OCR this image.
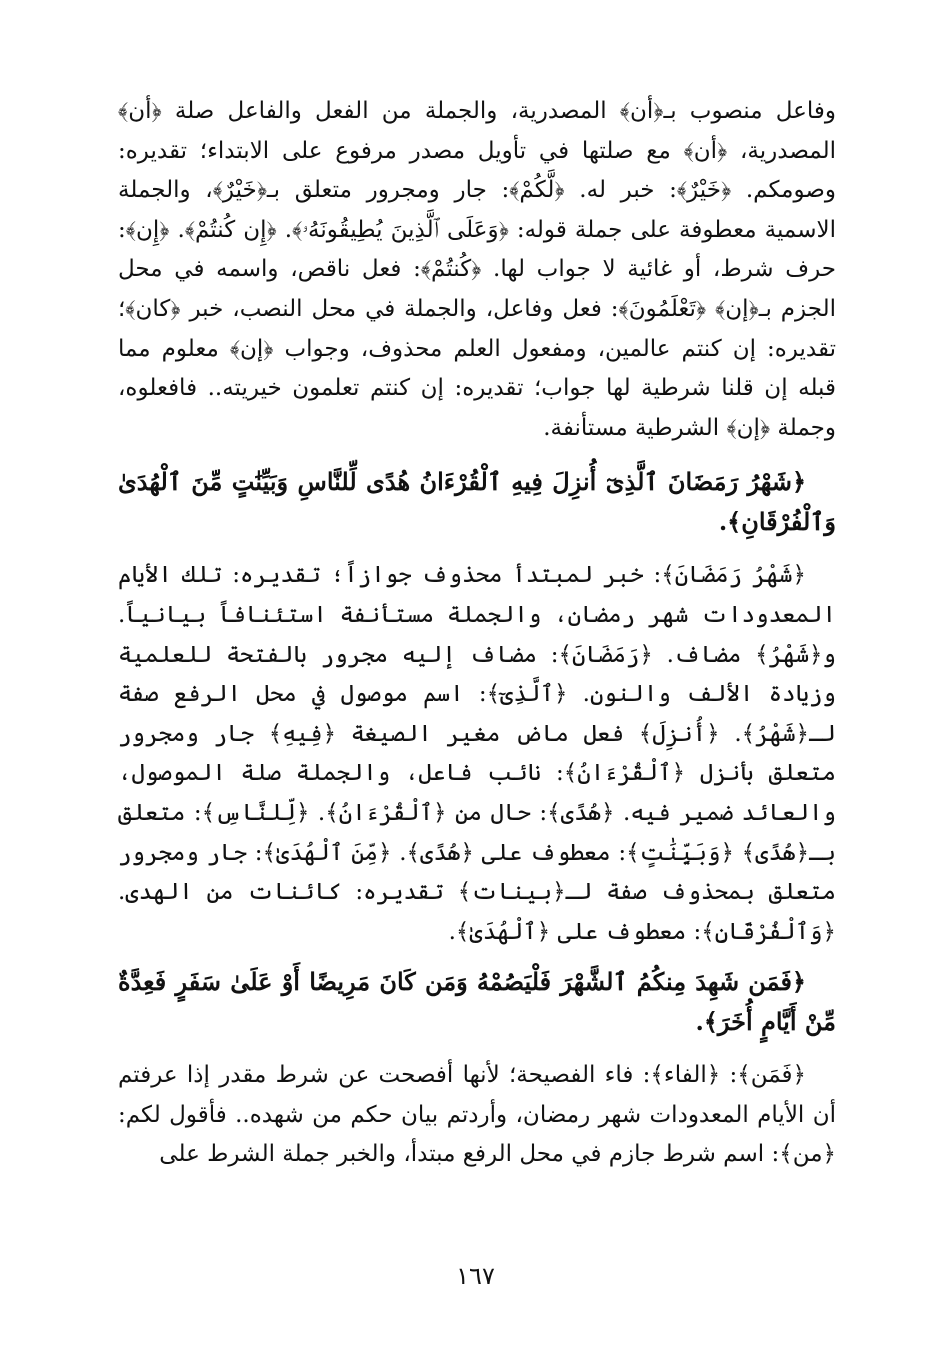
وفاعل منصوب بـ﴿أن﴾ المصدرية، والجملة من الفعل والفاعل صلة ﴿أن﴾ المصدرية، ﴿أن﴾ مع صلتها في تأويل مصدر مرفوع على الابتداء؛ تقديره: وصومكم. ﴿خَيْرٌ﴾: خبر له. ﴿لَّكُمْ﴾: جار ومجرور متعلق بـ﴿خَيْرٌ﴾، والجملة الاسمية معطوفة على جملة قوله: ﴿وَعَلَى ٱلَّذِينَ يُطِيقُونَهُۥ﴾. ﴿إِن كُنتُمْ﴾. ﴿إِن﴾: حرف شرط، أو غائية لا جواب لها. ﴿كُنتُمْ﴾: فعل ناقص، واسمه في محل الجزم بـ﴿إن﴾ ﴿تَعْلَمُونَ﴾: فعل وفاعل، والجملة في محل النصب، خبر ﴿كان﴾؛ تقديره: إن كنتم عالمين، ومفعول العلم محذوف، وجواب ﴿إن﴾ معلوم مما قبله إن قلنا شرطية لها جواب؛ تقديره: إن كنتم تعلمون خيريته.. فافعلوه، وجملة ﴿إن﴾ الشرطية مستأنفة.

﴿شَهْرُ رَمَضَانَ ٱلَّذِىٓ أُنزِلَ فِيهِ ٱلْقُرْءَانُ هُدًى لِّلنَّاسِ وَبَيِّنَٰتٍ مِّنَ ٱلْهُدَىٰ وَٱلْفُرْقَانِ﴾.

﴿شَهْرُ رَمَضَانَ﴾: خبر لمبتدأ محذوف جوازاً؛ تقديره: تلك الأيام المعدودات شهر رمضان، والجملة مستأنفة استئنافاً بيانياً. و﴿شَهْرُ﴾ مضاف. ﴿رَمَضَانَ﴾: مضاف إليه مجرور بالفتحة للعلمية وزيادة الألف والنون. ﴿ٱلَّذِىٓ﴾: اسم موصول في محل الرفع صفة لـ﴿شَهْرُ﴾. ﴿أُنزِلَ﴾ فعل ماض مغير الصيغة ﴿فِيهِ﴾ جار ومجرور متعلق بأنزل ﴿ٱلْقُرْءَانُ﴾: نائب فاعل، والجملة صلة الموصول، والعائد ضمير فيه. ﴿هُدًى﴾: حال من ﴿ٱلْقُرْءَانُ﴾. ﴿لِّلنَّاسِ﴾: متعلق بـ﴿هُدًى﴾ ﴿وَبَيِّنَٰتٍ﴾: معطوف على ﴿هُدًى﴾. ﴿مِّنَ ٱلْهُدَىٰ﴾: جار ومجرور متعلق بمحذوف صفة لـ﴿بينات﴾ تقديره: كائنات من الهدى. ﴿وَٱلْفُرْقَانِ﴾: معطوف على ﴿ٱلْهُدَىٰ﴾.

﴿فَمَن شَهِدَ مِنكُمُ ٱلشَّهْرَ فَلْيَصُمْهُ وَمَن كَانَ مَرِيضًا أَوْ عَلَىٰ سَفَرٍ فَعِدَّةٌ مِّنْ أَيَّامٍ أُخَرَ﴾.

﴿فَمَن﴾: ﴿الفاء﴾: فاء الفصيحة؛ لأنها أفصحت عن شرط مقدر إذا عرفتم أن الأيام المعدودات شهر رمضان، وأردتم بيان حكم من شهده.. فأقول لكم: ﴿من﴾: اسم شرط جازم في محل الرفع مبتدأ، والخبر جملة الشرط على

١٦٧
